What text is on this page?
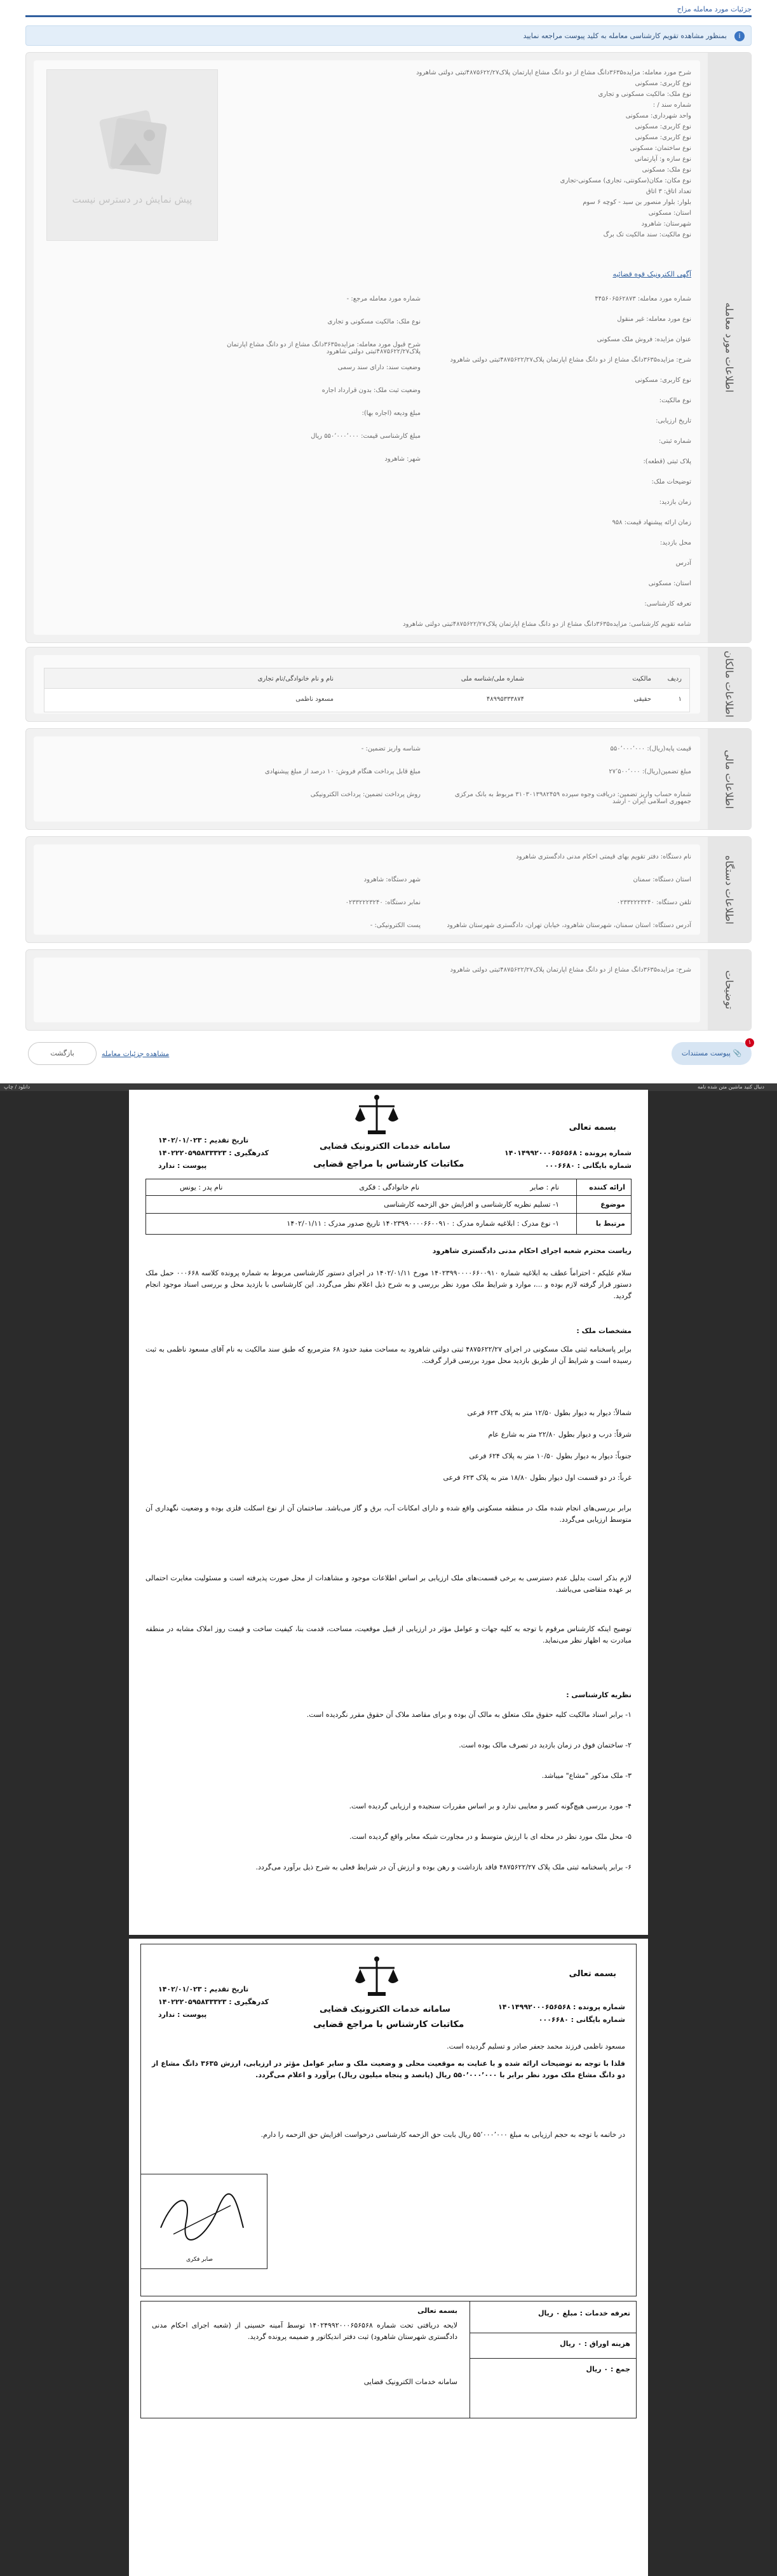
جزئیات مورد معامله مزاح
i
بمنظور مشاهده تقویم کارشناسی معامله به کلید پیوست مراجعه نمایید
اطلاعات مورد معامله
پیش نمایش در دسترس نیست
شرح مورد معامله: مزایده۳۶۳۵دانگ مشاع از دو دانگ مشاع اپارتمان پلاک۴۸۷۵۶۲۲/۲۷ثبتی دولتی شاهرود
نوع کاربری: مسکونی
نوع ملک: مالکیت مسکونی و تجاری
شماره سند / :
واحد شهرداری: مسکونی
نوع کاربری: مسکونی
نوع کاربری: مسکونی
نوع ساختمان: مسکونی
نوع سازه و: آپارتمانی
نوع ملک: مسکونی
نوع مکان: مکان(سکونتی، تجاری) مسکونی-تجاری
تعداد اتاق: ۳ اتاق
بلوار: بلوار منصور بن سبد - کوچه ۶ سوم
استان: مسکونی
شهرستان: شاهرود
نوع مالکیت: سند مالکیت تک برگ
آگهی الکترونیک قوه قضائیه
شماره مورد معامله: ۴۴۵۶۰۶۵۶۲۸۷۳
نوع مورد معامله: غیر منقول
عنوان مزایده: فروش ملک مسکونی
شرح: مزایده۳۶۳۵دانگ مشاع از دو دانگ مشاع اپارتمان پلاک۴۸۷۵۶۲۲/۲۷ثبتی دولتی شاهرود
نوع کاربری: مسکونی
نوع مالکیت:
تاریخ ارزیابی:
شماره ثبتی:
پلاک ثبتی (قطعه):
توضیحات ملک:
زمان بازدید:
زمان ارائه پیشنهاد قیمت: ۹۵۸
محل بازدید:
آدرس
استان: مسکونی
تعرفه کارشناسی:
شامه تقویم کارشناسی: مزایده۳۶۳۵دانگ مشاع از دو دانگ مشاع اپارتمان پلاک۴۸۷۵۶۲۲/۲۷ثبتی دولتی شاهرود
شماره مورد معامله مرجع: -
نوع ملک: مالکیت مسکونی و تجاری
شرح قبول مورد معامله: مزایده۳۶۳۵دانگ مشاع از دو دانگ مشاع اپارتمان پلاک۴۸۷۵۶۲۲/۲۷ثبتی دولتی شاهرود
وضعیت سند: دارای سند رسمی
وضعیت ثبت ملک: بدون قرارداد اجاره
مبلغ ودیعه (اجاره بها):
مبلغ کارشناسی قیمت: ۵۵۰٬۰۰۰٬۰۰۰ ریال
شهر: شاهرود
اطلاعات مالکان
ردیف
مالکیت
شماره ملی/شناسه ملی
نام و نام خانوادگی/نام تجاری
۱
حقیقی
۴۸۹۹۵۳۳۳۸۷۴
مسعود ناظمی
اطلاعات مالی
قیمت پایه(ریال): ۵۵۰٬۰۰۰٬۰۰۰
مبلغ تضمین(ریال): ۲۷٬۵۰۰٬۰۰۰
شماره حساب واریز تضمین: دریافت وجوه سپرده ۳۱۰۳۰۱۳۹۸۲۴۵۹ مربوط به بانک مرکزی جمهوری اسلامی ایران - ارشد
شناسه واریز تضمین: -
مبلغ قابل پرداخت هنگام فروش: ۱۰ درصد از مبلغ پیشنهادی
روش پرداخت تضمین: پرداخت الکترونیکی
اطلاعات دستگاه
نام دستگاه: دفتر تقویم بهای قیمتی احکام مدنی دادگستری شاهرود
استان دستگاه: سمنان
تلفن دستگاه: ۰۲۳۳۲۲۲۳۲۴۰
آدرس دستگاه: استان سمنان، شهرستان شاهرود، خیابان تهران، دادگستری شهرستان شاهرود
شهر دستگاه: شاهرود
نمابر دستگاه: ۰۲۳۳۲۲۲۳۲۴۰
پست الکترونیکی: -
توضیحات
شرح: مزایده۳۶۳۵دانگ مشاع از دو دانگ مشاع اپارتمان پلاک۴۸۷۵۶۲۲/۲۷ثبتی دولتی شاهرود
بازگشت	مشاهده جزئیات معامله
۱
📎 پیوست مستندات
دانلود / چاپ	دنبال کنید ماشین متن شده نامه
بسمه تعالی
سامانه خدمات الکترونیک قضایی
مکاتبات کارشناس با مراجع قضایی
شماره پرونده : ۱۴۰۱۴۹۹۲۰۰۰۶۵۶۵۶۸
شماره بایگانی : ۰۰۰۶۶۸۰
تاریخ تقدیم : ۱۴۰۲/۰۱/۰۲۳
کدرهگیری : ۱۴۰۲۲۲۰۵۹۵۸۳۳۳۲۳
پیوست : ندارد
ارائه کننده
نام : صابر
نام خانوادگی : فکری
نام پدر : یونس
موضوع
۱- تسلیم نظریه کارشناسی و افزایش حق الزحمه کارشناسی
مرتبط با
۱- نوع مدرک : ابلاغیه شماره مدرک : ۱۴۰۲۳۹۹۰۰۰۰۶۶۰۰۹۱۰ تاریخ صدور مدرک : ۱۴۰۲/۰۱/۱۱
ریاست محترم شعبه اجرای احکام مدنی دادگستری شاهرود
سلام علیکم - احتراماً عطف به ابلاغیه شماره ۱۴۰۲۳۹۹۰۰۰۰۶۶۰۰۹۱۰ مورخ ۱۴۰۲/۰۱/۱۱ در اجرای دستور کارشناسی مربوط به شماره پرونده کلاسه ۰۰۰۶۶۸ حمل ملک دستور قرار گرفته لازم بوده و ...، موارد و شرایط ملک مورد نظر بررسی و به شرح ذیل اعلام نظر می‌گردد. این کارشناسی با بازدید محل و بررسی اسناد موجود انجام گردید.
مشخصات ملک :
برابر پاسخنامه ثبتی ملک مسکونی در اجرای ۴۸۷۵۶۲۲/۲۷ ثبتی دولتی شاهرود به مساحت مفید حدود ۶۸ مترمربع که طبق سند مالکیت به نام آقای مسعود ناظمی به ثبت رسیده است و شرایط آن از طریق بازدید محل مورد بررسی قرار گرفت.
شمالاً: دیوار به دیوار بطول ۱۲/۵۰ متر به پلاک ۶۲۳ فرعی
شرقاً: درب و دیوار بطول ۲۲/۸۰ متر به شارع عام
جنوباً: دیوار به دیوار بطول ۱۰/۵۰ متر به پلاک ۶۲۴ فرعی
غرباً: در دو قسمت اول دیوار بطول ۱۸/۸۰ متر به پلاک ۶۲۳ فرعی
برابر بررسی‌های انجام شده ملک در منطقه مسکونی واقع شده و دارای امکانات آب، برق و گاز می‌باشد. ساختمان آن از نوع اسکلت فلزی بوده و وضعیت نگهداری آن متوسط ارزیابی می‌گردد.
لازم بذکر است بدلیل عدم دسترسی به برخی قسمت‌های ملک ارزیابی بر اساس اطلاعات موجود و مشاهدات از محل صورت پذیرفته است و مسئولیت مغایرت احتمالی بر عهده متقاضی می‌باشد.
توضیح اینکه کارشناس مرقوم با توجه به کلیه جهات و عوامل مؤثر در ارزیابی از قبیل موقعیت، مساحت، قدمت بنا، کیفیت ساخت و قیمت روز املاک مشابه در منطقه مبادرت به اظهار نظر می‌نماید.
نظریه کارشناسی :
۱- برابر اسناد مالکیت کلیه حقوق ملک متعلق به مالک آن بوده و برای مقاصد ملاک آن حقوق مقرر نگردیده است.
۲- ساختمان فوق در زمان بازدید در تصرف مالک بوده است.
۳- ملک مذکور "مشاع" میباشد.
۴- مورد بررسی هیچ‌گونه کسر و معایبی ندارد و بر اساس مقررات سنجیده و ارزیابی گردیده است.
۵- محل ملک مورد نظر در محله ای با ارزش متوسط و در مجاورت شبکه معابر واقع گردیده است.
۶- برابر پاسخنامه ثبتی ملک پلاک ۴۸۷۵۶۲۲/۲۷ فاقد بازداشت و رهن بوده و ارزش آن در شرایط فعلی به شرح ذیل برآورد می‌گردد.
بسمه تعالی
سامانه خدمات الکترونیک قضایی
مکاتبات کارشناس با مراجع قضایی
شماره پرونده : ۱۴۰۱۴۹۹۲۰۰۰۶۵۶۵۶۸
شماره بایگانی : ۰۰۰۶۶۸۰
تاریخ تقدیم : ۱۴۰۲/۰۱/۰۲۳
کدرهگیری : ۱۴۰۲۲۲۰۵۹۵۸۳۳۳۲۳
پیوست : ندارد
مسعود ناظمی فرزند محمد جعفر صادر و تسلیم گردیده است.
فلذا با توجه به توضیحات ارائه شده و با عنایت به موقعیت محلی و وضعیت ملک و سایر عوامل مؤثر در ارزیابی، ارزش ۳۶۳۵ دانگ مشاع از دو دانگ مشاع ملک مورد نظر برابر با ۵۵۰٬۰۰۰٬۰۰۰ ریال (پانصد و پنجاه میلیون ریال) برآورد و اعلام می‌گردد.
در خاتمه با توجه به حجم ارزیابی به مبلغ ۵۵٬۰۰۰٬۰۰۰ ریال بابت حق الزحمه کارشناسی درخواست افزایش حق الزحمه را دارم.
صابر فکری
تعرفه خدمات : مبلغ ۰ ریال
هزینه اوراق : ۰ ریال
جمع : ۰ ریال
بسمه تعالی
لایحه دریافتی تحت شماره ۱۴۰۲۴۹۹۲۰۰۰۶۵۶۵۶۸ توسط آمینه حسینی از (شعبه اجرای احکام مدنی دادگستری شهرستان شاهرود) ثبت دفتر اندیکاتور و ضمیمه پرونده گردید.
سامانه خدمات الکترونیک قضایی
